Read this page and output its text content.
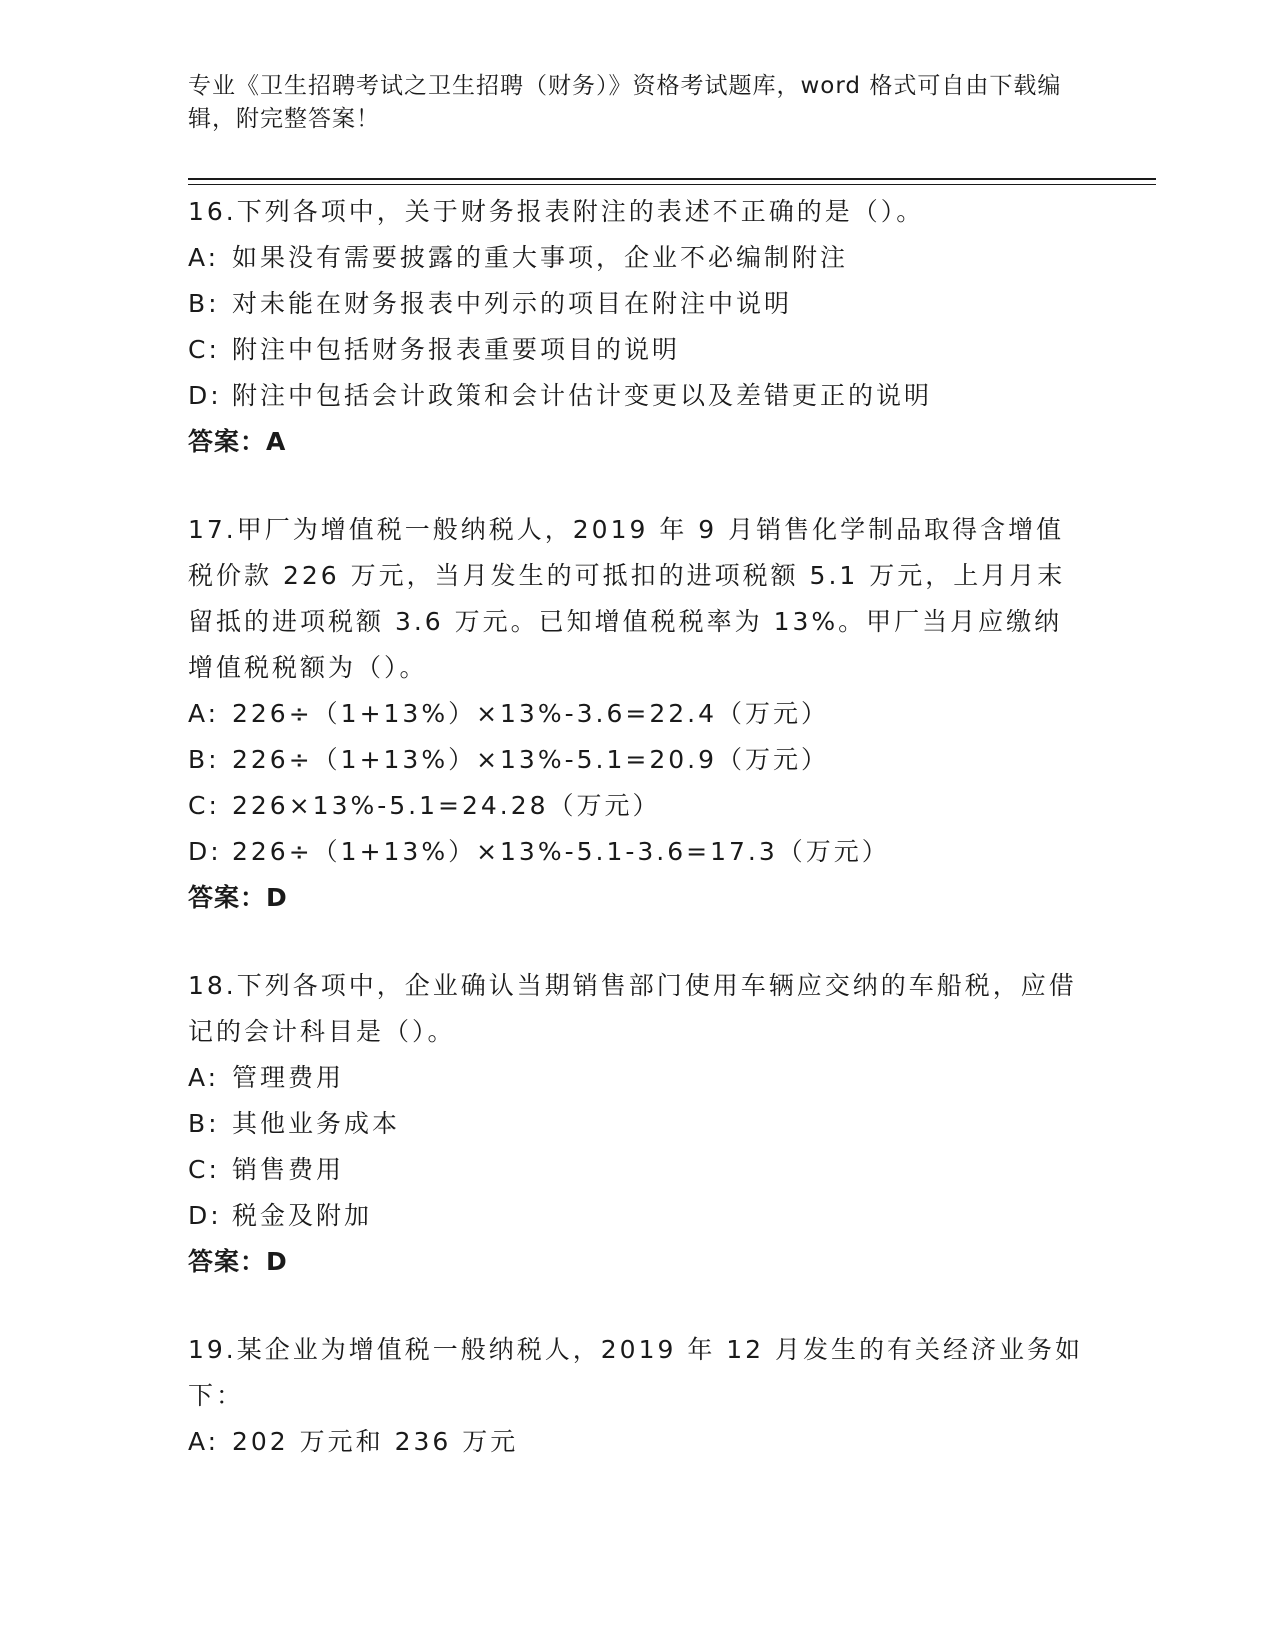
专业《卫生招聘考试之卫生招聘（财务）》资格考试题库，word 格式可自由下载编辑，附完整答案！

16.下列各项中，关于财务报表附注的表述不正确的是（）。

A: 如果没有需要披露的重大事项，企业不必编制附注

B: 对未能在财务报表中列示的项目在附注中说明

C: 附注中包括财务报表重要项目的说明

D: 附注中包括会计政策和会计估计变更以及差错更正的说明

答案：A

17.甲厂为增值税一般纳税人，2019 年 9 月销售化学制品取得含增值税价款 226 万元，当月发生的可抵扣的进项税额 5.1 万元，上月月末留抵的进项税额 3.6 万元。已知增值税税率为 13%。甲厂当月应缴纳增值税税额为（）。

A: 226÷（1+13%）×13%-3.6=22.4（万元）

B: 226÷（1+13%）×13%-5.1=20.9（万元）

C: 226×13%-5.1=24.28（万元）

D: 226÷（1+13%）×13%-5.1-3.6=17.3（万元）

答案：D

18.下列各项中，企业确认当期销售部门使用车辆应交纳的车船税，应借记的会计科目是（）。

A: 管理费用

B: 其他业务成本

C: 销售费用

D: 税金及附加

答案：D

19.某企业为增值税一般纳税人，2019 年 12 月发生的有关经济业务如下：

A: 202 万元和 236 万元
